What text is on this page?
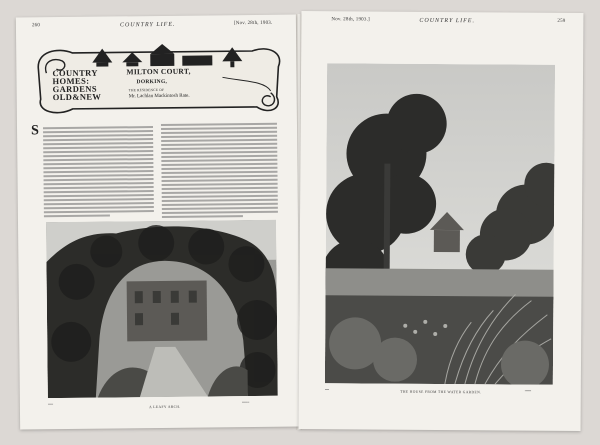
260	COUNTRY LIFE.	[Nov. 28th, 1903.
COUNTRY
HOMES:
GARDENS
OLD&NEW
MILTON COURT,
DORKING,
THE RESIDENCE OF
Mr. Lachlan Mackintosh Rate.
S
▪▪▪▪▪
A LEAFY ARCH.
▪▪▪▪▪▪▪
Nov. 28th, 1903.]	COUNTRY LIFE.	259
▪▪▪▪
THE HOUSE FROM THE WATER GARDEN.	▪▪▪▪▪▪
